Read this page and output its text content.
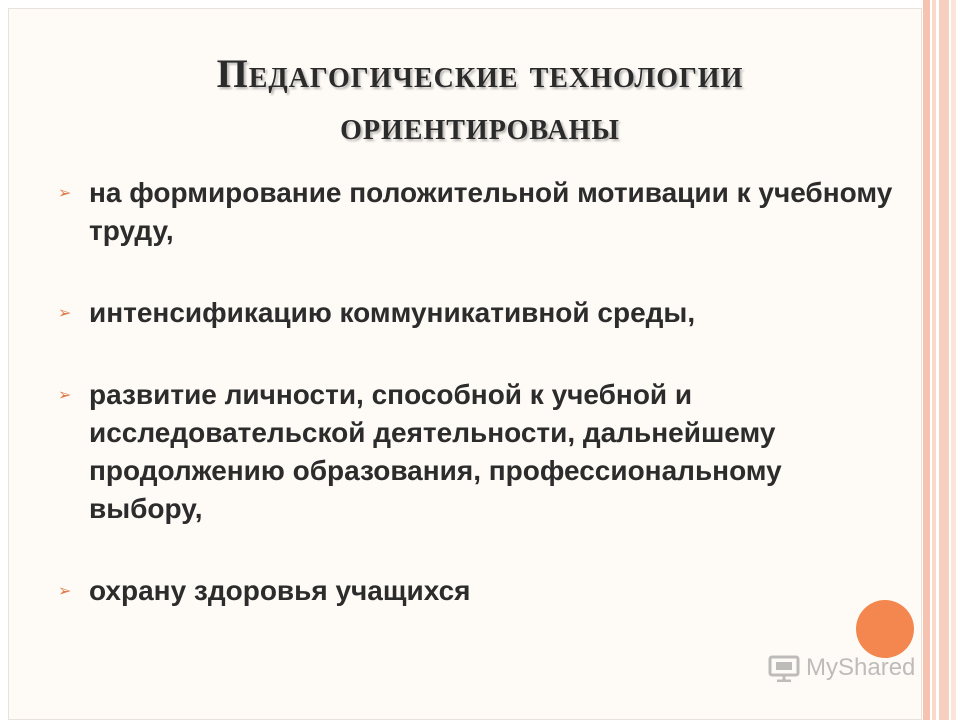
Педагогические технологии
ориентированы
➢ на формирование положительной мотивации к учебному труду,
➢ интенсификацию коммуникативной среды,
➢ развитие личности, способной к учебной и исследовательской деятельности, дальнейшему продолжению образования, профессиональному выбору,
➢ охрану здоровья учащихся
MyShared
